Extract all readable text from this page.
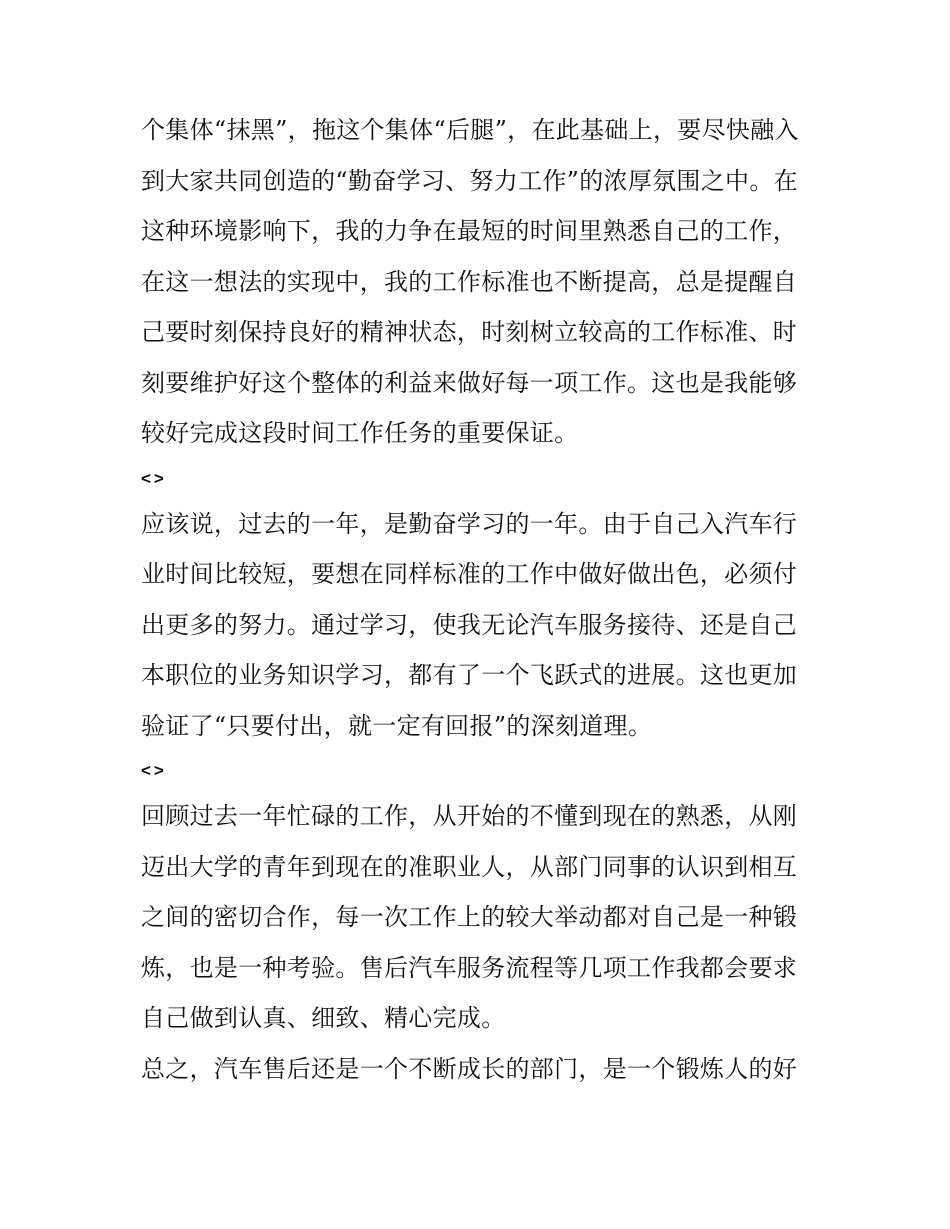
个集体“抹黑”，拖这个集体“后腿”，在此基础上，要尽快融入
到大家共同创造的“勤奋学习、努力工作”的浓厚氛围之中。在
这种环境影响下，我的力争在最短的时间里熟悉自己的工作，
在这一想法的实现中，我的工作标准也不断提高，总是提醒自
己要时刻保持良好的精神状态，时刻树立较高的工作标准、时
刻要维护好这个整体的利益来做好每一项工作。这也是我能够
较好完成这段时间工作任务的重要保证。
<>
应该说，过去的一年，是勤奋学习的一年。由于自己入汽车行
业时间比较短，要想在同样标准的工作中做好做出色，必须付
出更多的努力。通过学习，使我无论汽车服务接待、还是自己
本职位的业务知识学习，都有了一个飞跃式的进展。这也更加
验证了“只要付出，就一定有回报”的深刻道理。
<>
回顾过去一年忙碌的工作，从开始的不懂到现在的熟悉，从刚
迈出大学的青年到现在的准职业人，从部门同事的认识到相互
之间的密切合作，每一次工作上的较大举动都对自己是一种锻
炼，也是一种考验。售后汽车服务流程等几项工作我都会要求
自己做到认真、细致、精心完成。
总之，汽车售后还是一个不断成长的部门，是一个锻炼人的好
